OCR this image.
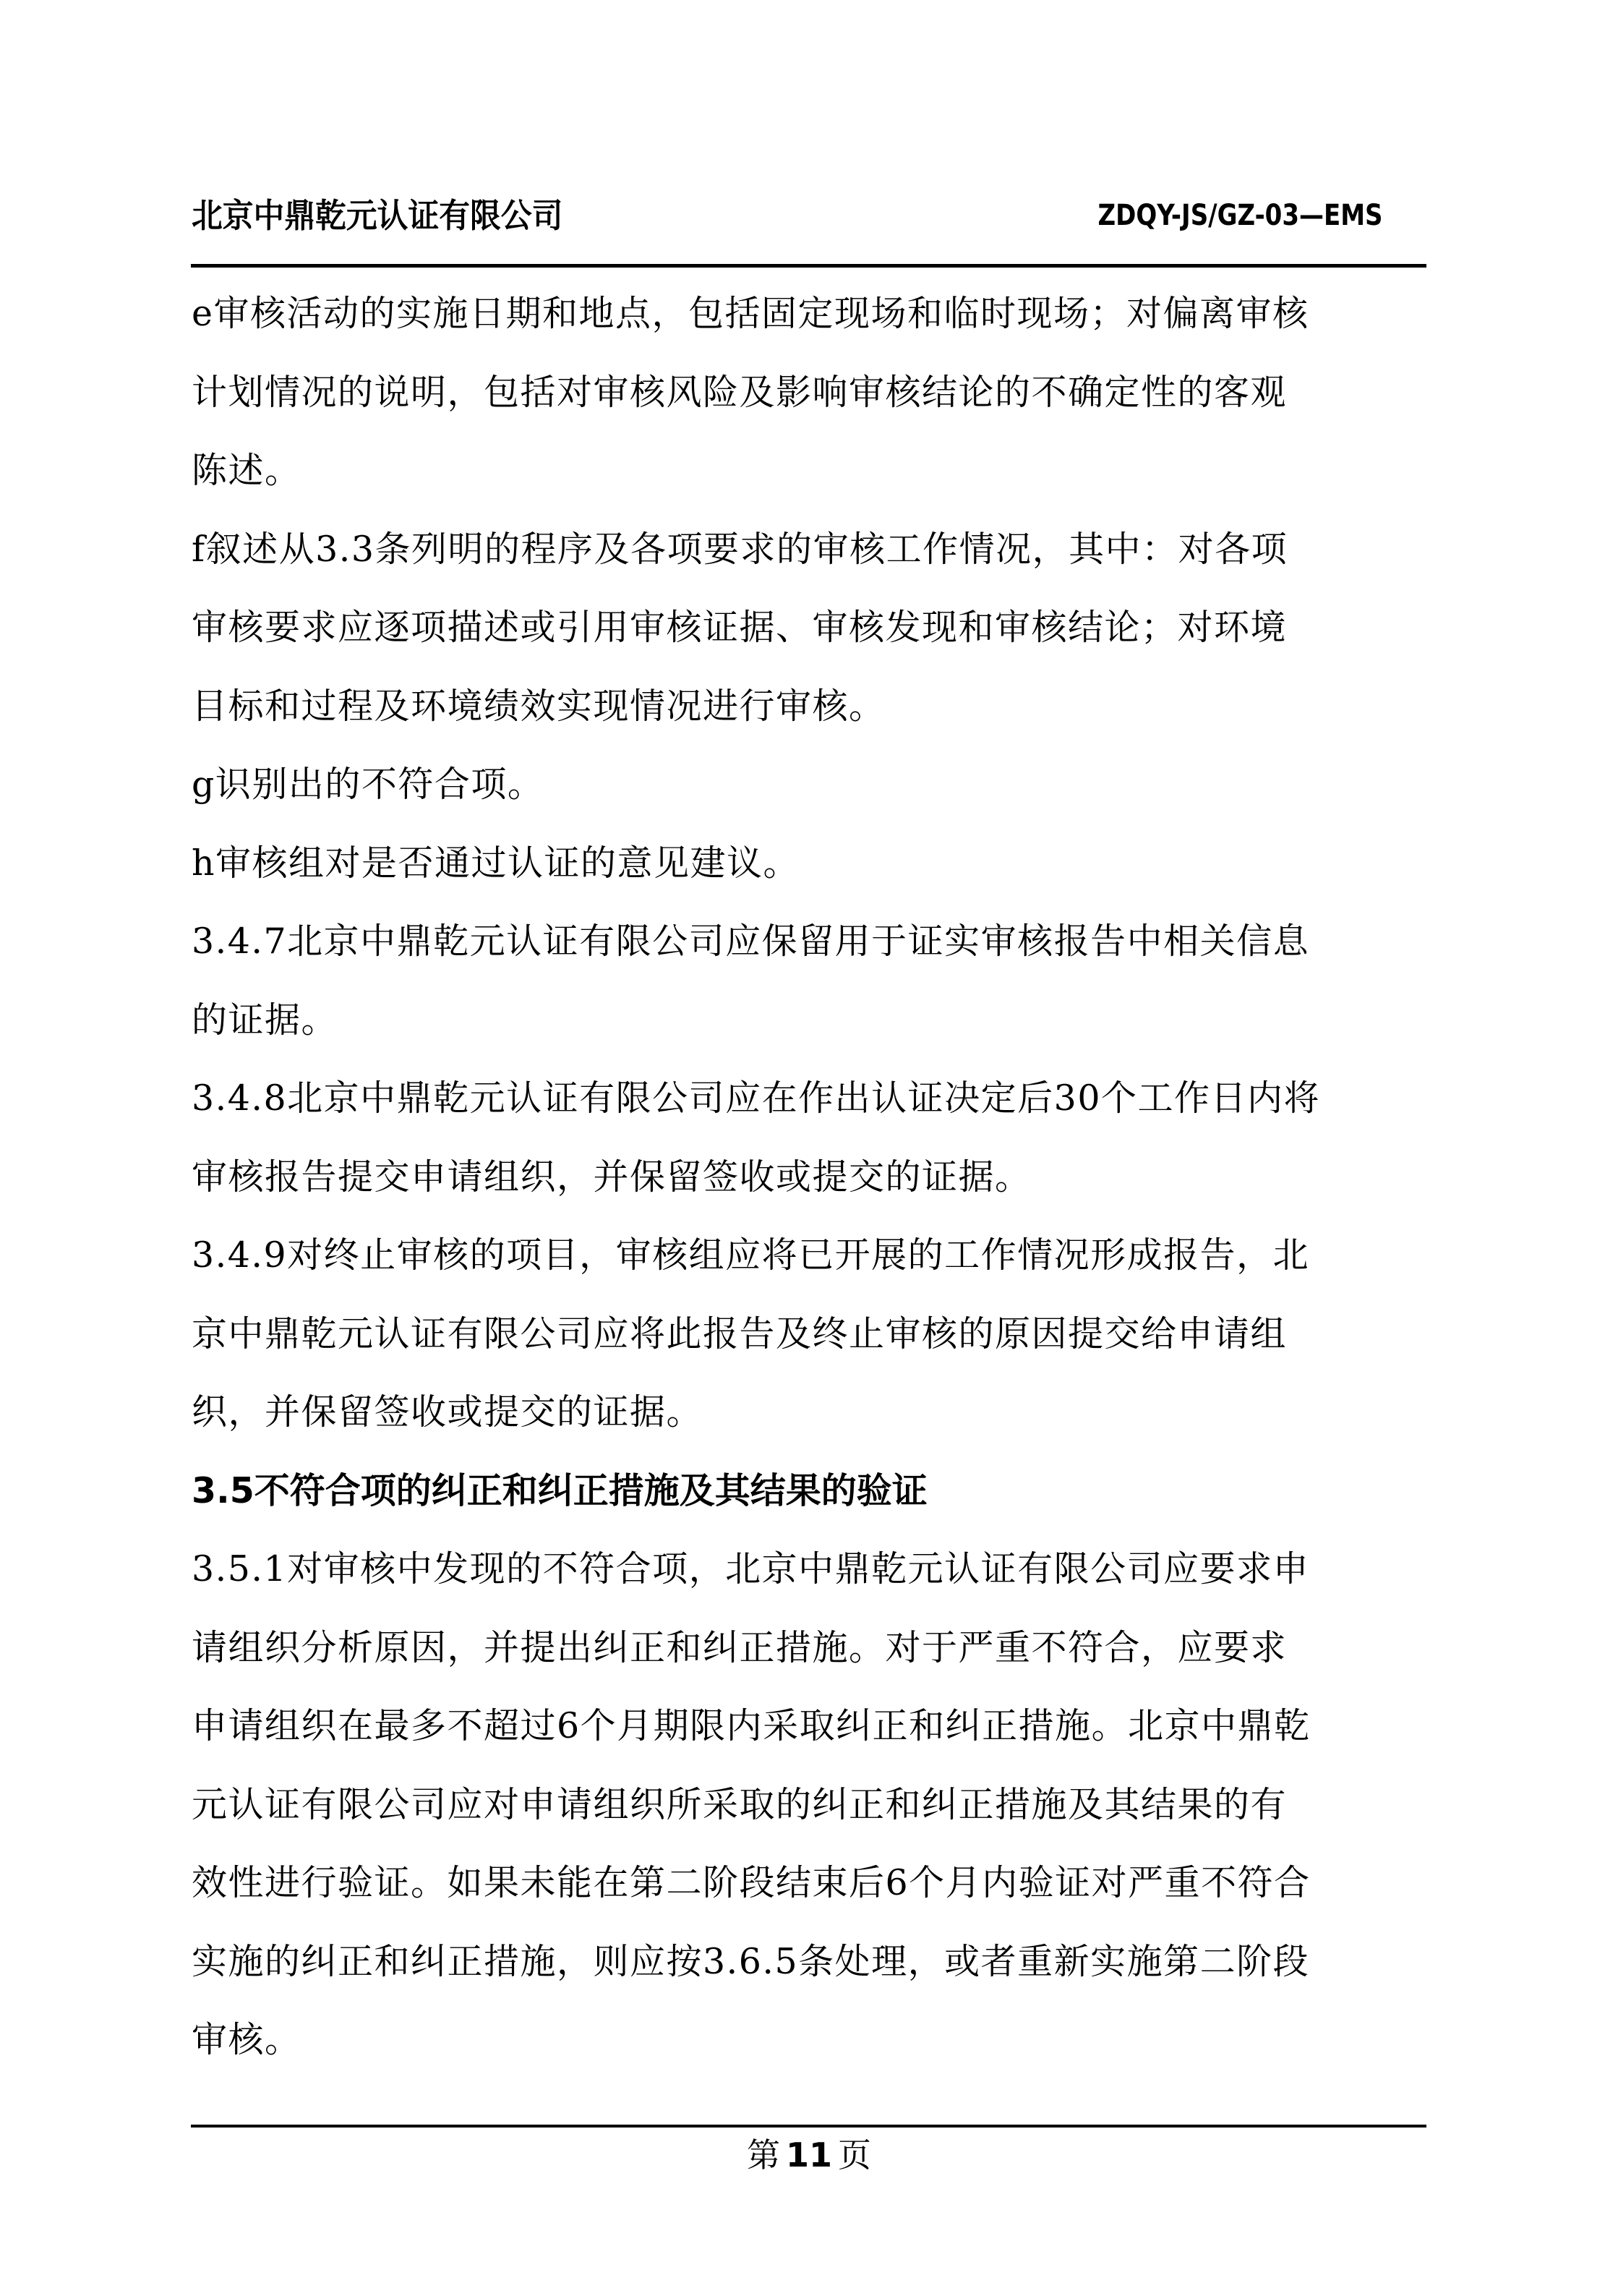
北京中鼎乾元认证有限公司	ZDQY-JS/GZ-03—EMS
e审核活动的实施日期和地点，包括固定现场和临时现场；对偏离审核
计划情况的说明，包括对审核风险及影响审核结论的不确定性的客观
陈述。
f叙述从3.3条列明的程序及各项要求的审核工作情况，其中：对各项
审核要求应逐项描述或引用审核证据、审核发现和审核结论；对环境
目标和过程及环境绩效实现情况进行审核。
g识别出的不符合项。
h审核组对是否通过认证的意见建议。
3.4.7北京中鼎乾元认证有限公司应保留用于证实审核报告中相关信息
的证据。
3.4.8北京中鼎乾元认证有限公司应在作出认证决定后30个工作日内将
审核报告提交申请组织，并保留签收或提交的证据。
3.4.9对终止审核的项目，审核组应将已开展的工作情况形成报告，北
京中鼎乾元认证有限公司应将此报告及终止审核的原因提交给申请组
织，并保留签收或提交的证据。
3.5不符合项的纠正和纠正措施及其结果的验证
3.5.1对审核中发现的不符合项，北京中鼎乾元认证有限公司应要求申
请组织分析原因，并提出纠正和纠正措施。对于严重不符合，应要求
申请组织在最多不超过6个月期限内采取纠正和纠正措施。北京中鼎乾
元认证有限公司应对申请组织所采取的纠正和纠正措施及其结果的有
效性进行验证。如果未能在第二阶段结束后6个月内验证对严重不符合
实施的纠正和纠正措施，则应按3.6.5条处理，或者重新实施第二阶段
审核。
第 11 页
